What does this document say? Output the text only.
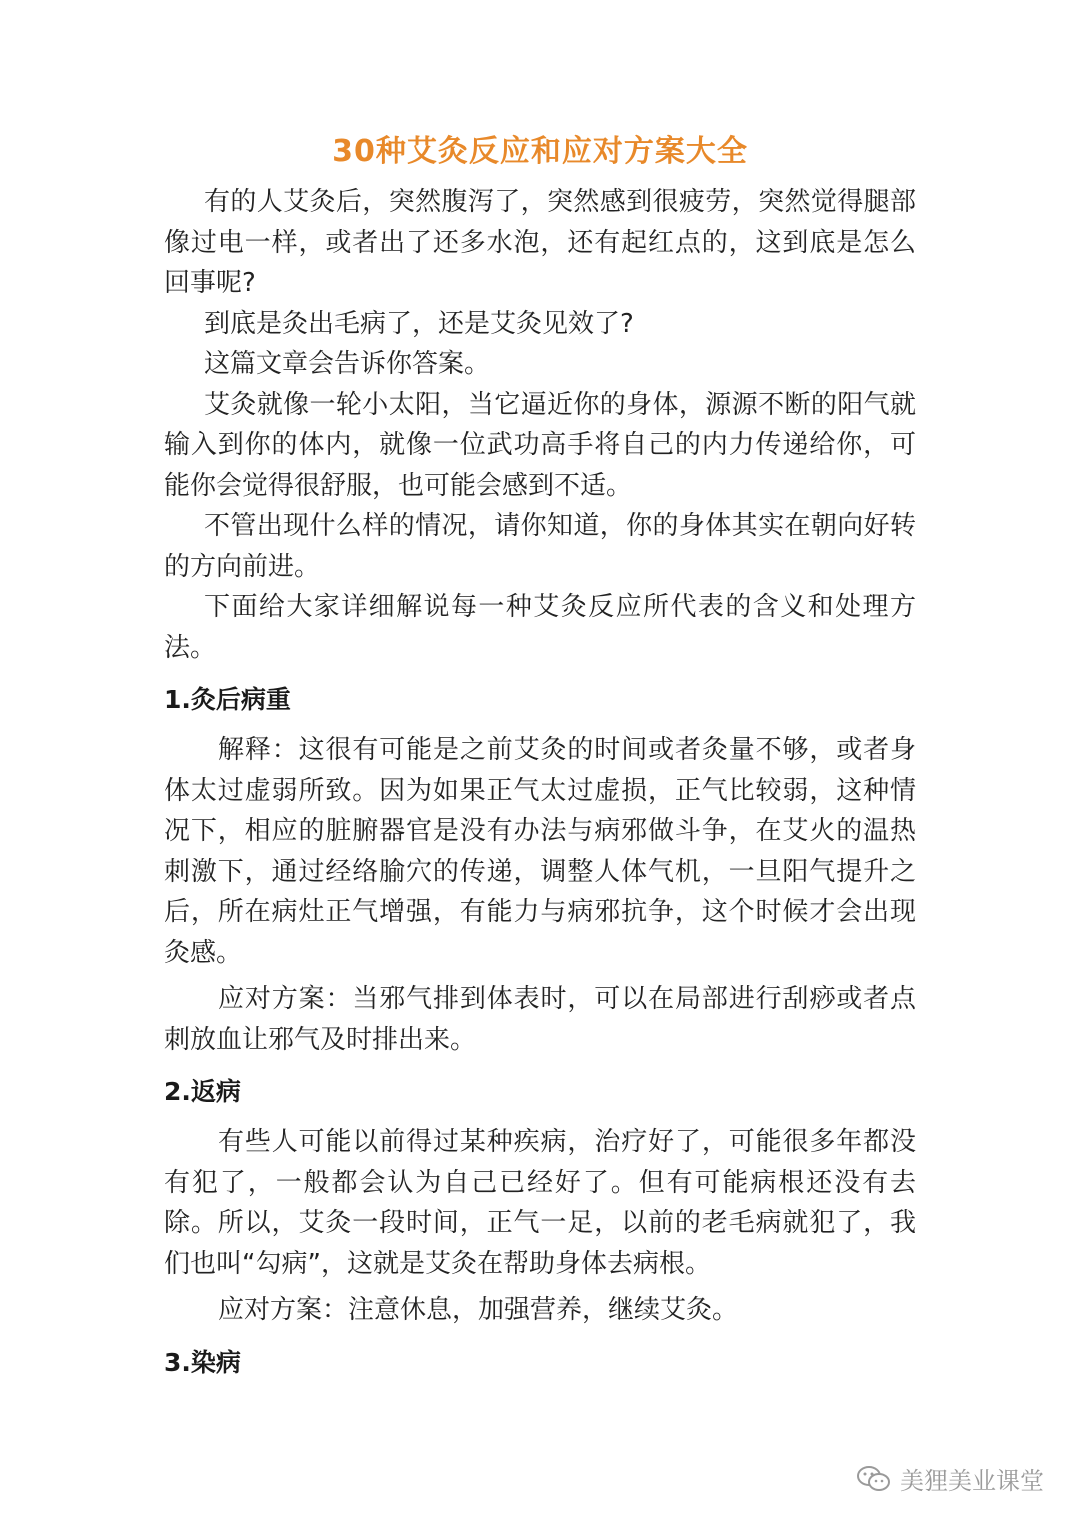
30种艾灸反应和应对方案大全

有的人艾灸后，突然腹泻了，突然感到很疲劳，突然觉得腿部像过电一样，或者出了还多水泡，还有起红点的，这到底是怎么回事呢?

到底是灸出毛病了，还是艾灸见效了?

这篇文章会告诉你答案。

艾灸就像一轮小太阳，当它逼近你的身体，源源不断的阳气就输入到你的体内，就像一位武功高手将自己的内力传递给你，可能你会觉得很舒服，也可能会感到不适。

不管出现什么样的情况，请你知道，你的身体其实在朝向好转的方向前进。

下面给大家详细解说每一种艾灸反应所代表的含义和处理方法。

1.灸后病重

解释：这很有可能是之前艾灸的时间或者灸量不够，或者身体太过虚弱所致。因为如果正气太过虚损，正气比较弱，这种情况下，相应的脏腑器官是没有办法与病邪做斗争，在艾火的温热刺激下，通过经络腧穴的传递，调整人体气机，一旦阳气提升之后，所在病灶正气增强，有能力与病邪抗争，这个时候才会出现灸感。

应对方案：当邪气排到体表时，可以在局部进行刮痧或者点刺放血让邪气及时排出来。

2.返病

有些人可能以前得过某种疾病，治疗好了，可能很多年都没有犯了，一般都会认为自己已经好了。但有可能病根还没有去除。所以，艾灸一段时间，正气一足，以前的老毛病就犯了，我们也叫“勾病”，这就是艾灸在帮助身体去病根。

应对方案：注意休息，加强营养，继续艾灸。

3.染病
美狸美业课堂
